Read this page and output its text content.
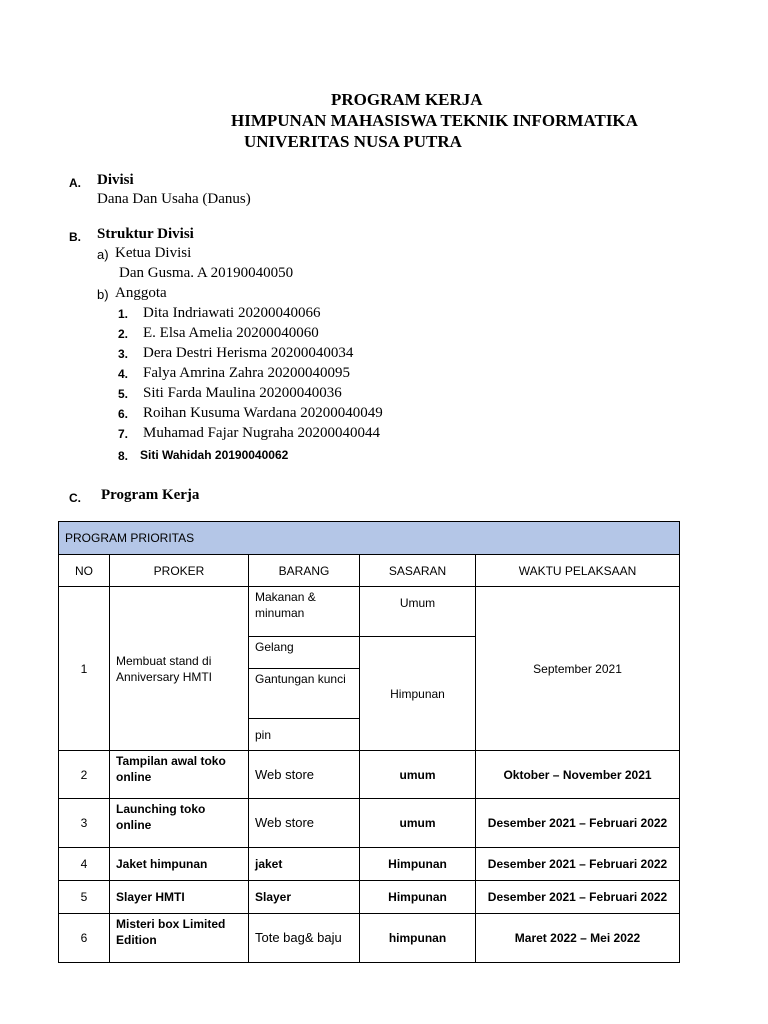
PROGRAM KERJA
HIMPUNAN MAHASISWA TEKNIK INFORMATIKA
UNIVERITAS NUSA PUTRA
A. Divisi
Dana Dan Usaha (Danus)
B. Struktur Divisi
a) Ketua Divisi
Dan Gusma. A 20190040050
b) Anggota
1. Dita Indriawati 20200040066
2. E. Elsa Amelia 20200040060
3. Dera Destri Herisma 20200040034
4. Falya Amrina Zahra 20200040095
5. Siti Farda Maulina 20200040036
6. Roihan Kusuma Wardana 20200040049
7. Muhamad Fajar Nugraha 20200040044
8. Siti Wahidah 20190040062
C. Program Kerja
PROGRAM PRIORITAS				
NO	PROKER	BARANG	SASARAN	WAKTU PELAKSAAN
1	Membuat stand di Anniversary HMTI	Makanan & minuman	Umum	September 2021
		Gelang	Himpunan	
		Gantungan kunci		
		pin		
2	Tampilan awal toko online	Web store	umum	Oktober – November 2021
3	Launching toko online	Web store	umum	Desember 2021 – Februari 2022
4	Jaket himpunan	jaket	Himpunan	Desember 2021 – Februari 2022
5	Slayer HMTI	Slayer	Himpunan	Desember 2021 – Februari 2022
6	Misteri box Limited Edition	Tote bag& baju	himpunan	Maret 2022 – Mei 2022
